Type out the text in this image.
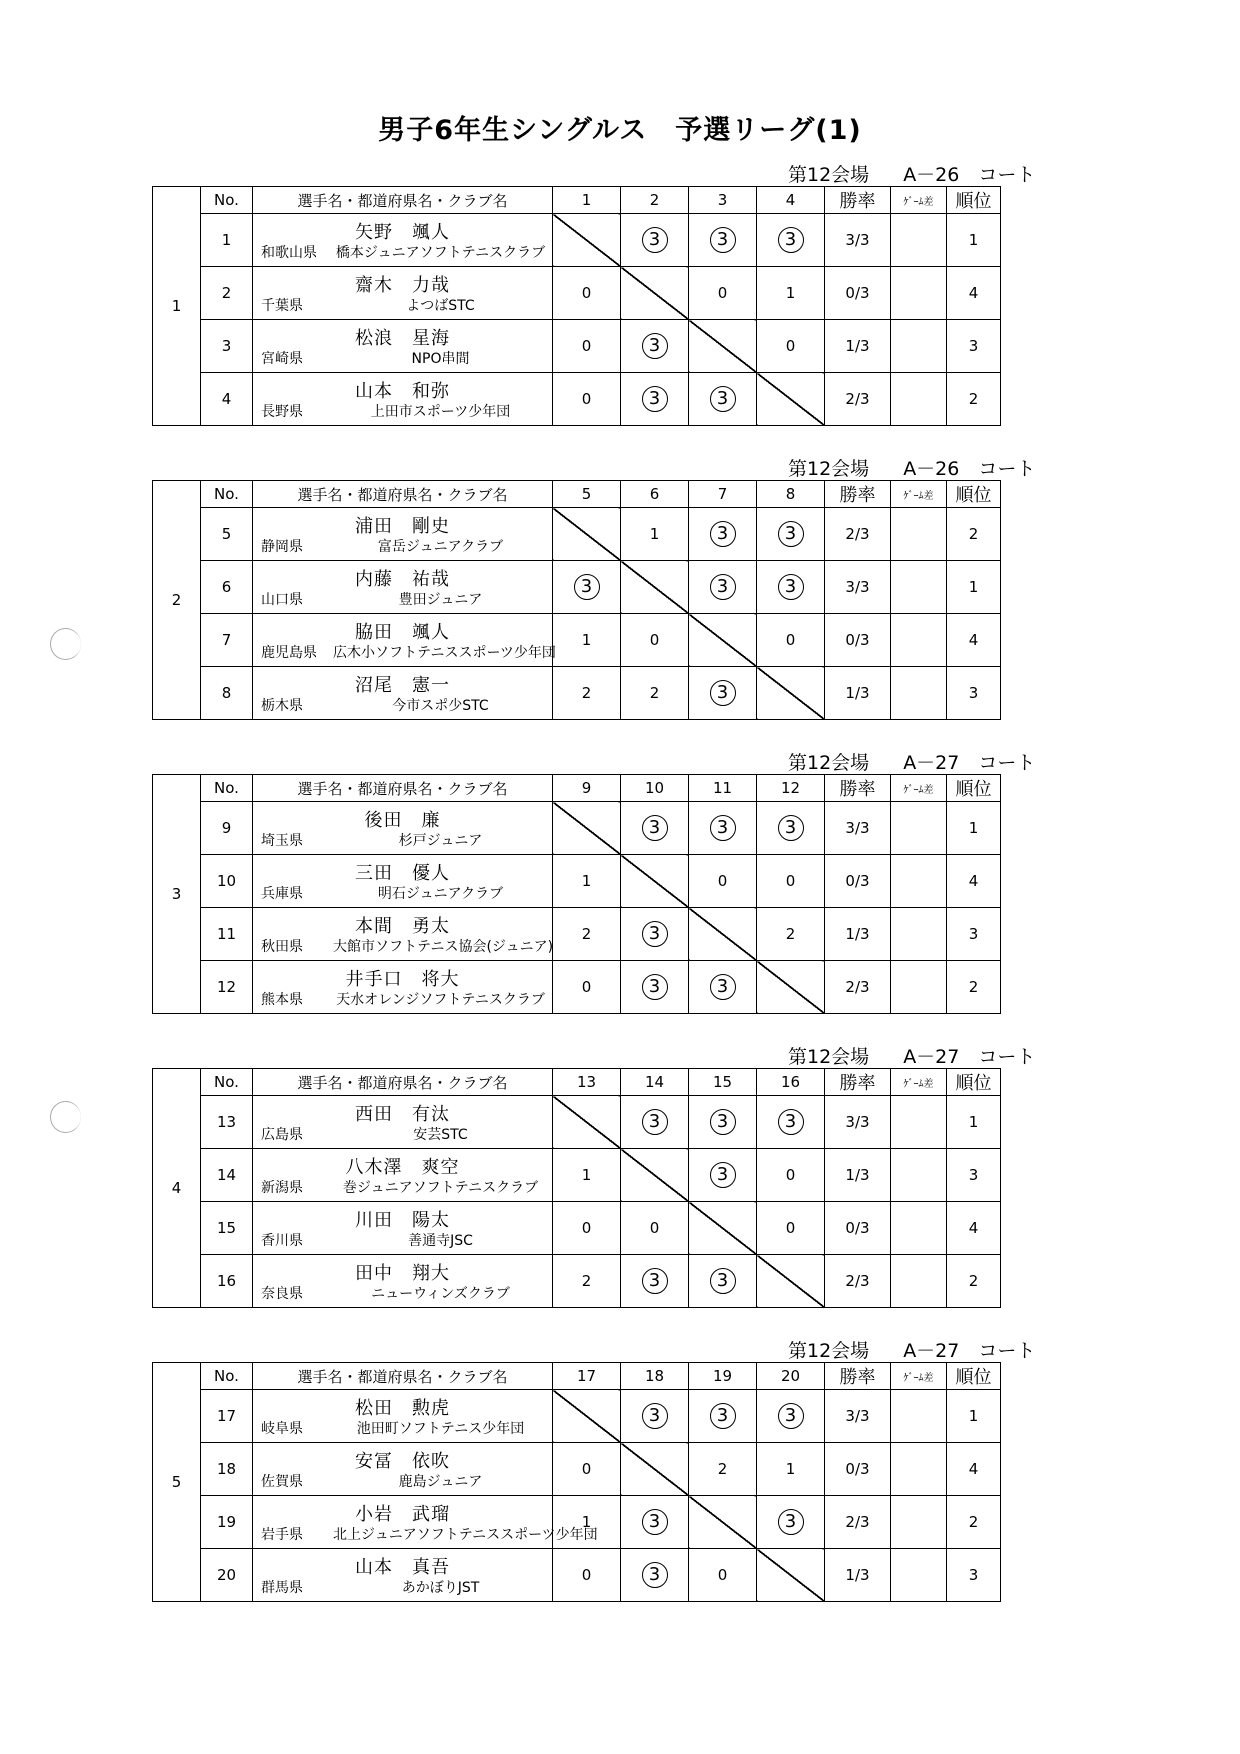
男子6年生シングルス　予選リーグ(1)
第12会場 A－26　コート
1	No.	選手名・都道府県名・クラブ名	1	2	3	4	勝率	ｹﾞｰﾑ差	順位
	1	矢野　颯人
和歌山県 橋本ジュニアソフトテニスクラブ		3	3	3	3/3		1
	2	齋木　力哉
千葉県 よつばSTC	0		0	1	0/3		4
	3	松浪　星海
宮崎県 NPO串間	0	3		0	1/3		3
	4	山本　和弥
長野県 上田市スポーツ少年団	0	3	3		2/3		2
第12会場 A－26　コート
2	No.	選手名・都道府県名・クラブ名	5	6	7	8	勝率	ｹﾞｰﾑ差	順位
	5	浦田　剛史
静岡県 富岳ジュニアクラブ		1	3	3	2/3		2
	6	内藤　祐哉
山口県 豊田ジュニア	3		3	3	3/3		1
	7	脇田　颯人
鹿児島県 広木小ソフトテニススポーツ少年団	1	0		0	0/3		4
	8	沼尾　憲一
栃木県 今市スポ少STC	2	2	3		1/3		3
第12会場 A－27　コート
3	No.	選手名・都道府県名・クラブ名	9	10	11	12	勝率	ｹﾞｰﾑ差	順位
	9	後田　廉
埼玉県 杉戸ジュニア		3	3	3	3/3		1
	10	三田　優人
兵庫県 明石ジュニアクラブ	1		0	0	0/3		4
	11	本間　勇太
秋田県 大館市ソフトテニス協会(ジュニア)	2	3		2	1/3		3
	12	井手口　将大
熊本県 天水オレンジソフトテニスクラブ	0	3	3		2/3		2
第12会場 A－27　コート
4	No.	選手名・都道府県名・クラブ名	13	14	15	16	勝率	ｹﾞｰﾑ差	順位
	13	西田　有汰
広島県 安芸STC		3	3	3	3/3		1
	14	八木澤　爽空
新潟県 巻ジュニアソフトテニスクラブ	1		3	0	1/3		3
	15	川田　陽太
香川県 善通寺JSC	0	0		0	0/3		4
	16	田中　翔大
奈良県 ニューウィンズクラブ	2	3	3		2/3		2
第12会場 A－27　コート
5	No.	選手名・都道府県名・クラブ名	17	18	19	20	勝率	ｹﾞｰﾑ差	順位
	17	松田　勲虎
岐阜県 池田町ソフトテニス少年団		3	3	3	3/3		1
	18	安冨　依吹
佐賀県 鹿島ジュニア	0		2	1	0/3		4
	19	小岩　武瑠
岩手県 北上ジュニアソフトテニススポーツ少年団	1	3		3	2/3		2
	20	山本　真吾
群馬県 あかぼりJST	0	3	0		1/3		3
